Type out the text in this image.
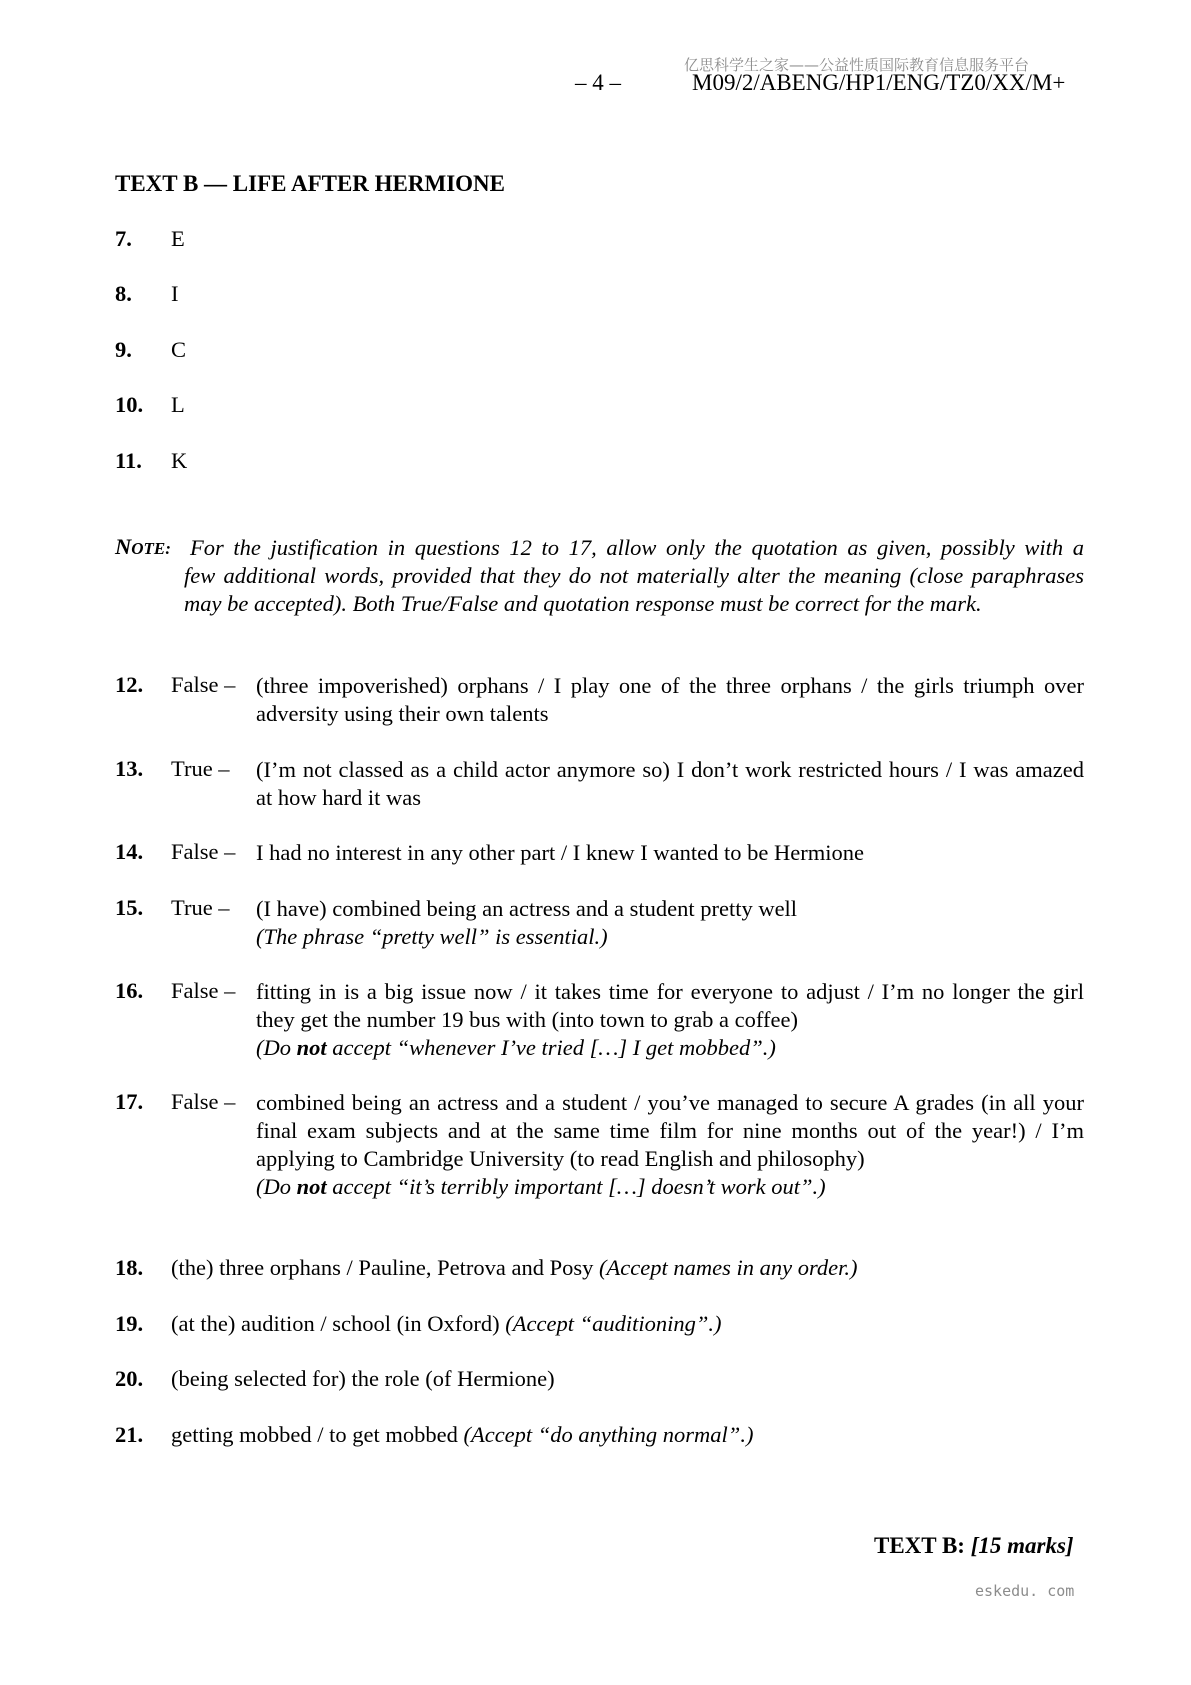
亿思科学生之家——公益性质国际教育信息服务平台
– 4 –	M09/2/ABENG/HP1/ENG/TZ0/XX/M+
TEXT B — LIFE AFTER HERMIONE
7. E
8. I
9. C
10. L
11. K
NOTE: For the justification in questions 12 to 17, allow only the quotation as given, possibly with a
few additional words, provided that they do not materially alter the meaning (close paraphrases may be accepted). Both True/False and quotation response must be correct for the mark.
12. False – (three impoverished) orphans / I play one of the three orphans / the girls triumph over adversity using their own talents
13. True – (I’m not classed as a child actor anymore so) I don’t work restricted hours / I was amazed at how hard it was
14. False – I had no interest in any other part / I knew I wanted to be Hermione
15. True – (I have) combined being an actress and a student pretty well
(The phrase “pretty well” is essential.)
16. False – fitting in is a big issue now / it takes time for everyone to adjust / I’m no longer the girl they get the number 19 bus with (into town to grab a coffee)
(Do not accept “whenever I’ve tried […] I get mobbed”.)
17. False – combined being an actress and a student / you’ve managed to secure A grades (in all your final exam subjects and at the same time film for nine months out of the year!) / I’m applying to Cambridge University (to read English and philosophy)
(Do not accept “it’s terribly important […] doesn’t work out”.)
18. (the) three orphans / Pauline, Petrova and Posy (Accept names in any order.)
19. (at the) audition / school (in Oxford) (Accept “auditioning”.)
20. (being selected for) the role (of Hermione)
21. getting mobbed / to get mobbed (Accept “do anything normal”.)
TEXT B: [15 marks]
eskedu. com
